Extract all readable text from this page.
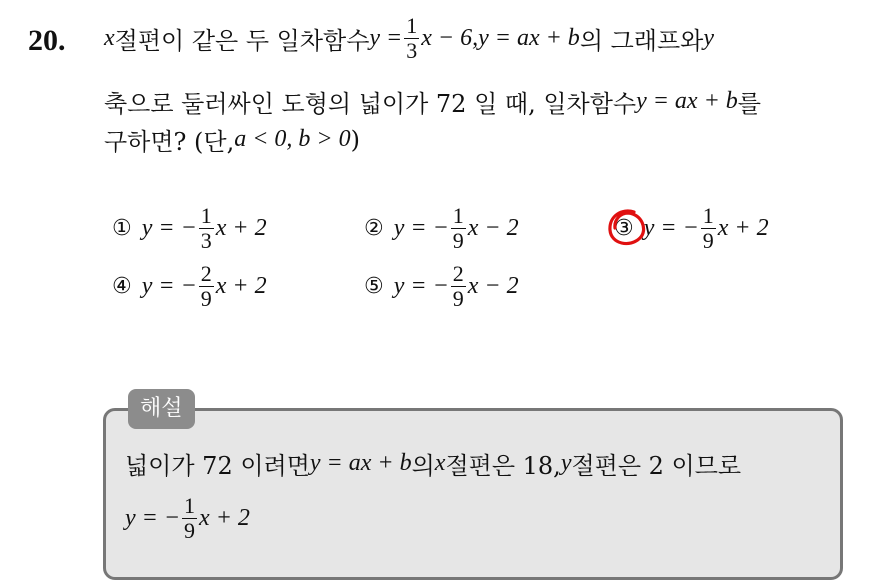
20. x 절편이 같은 두 일차함수 $y = \frac{1}{3}$ x − 6, y = ax + b 의 그래프와 y
축으로 둘러싸인 도형의 넓이가 72 일 때, 일차함수 y = ax + b 를
구하면? (단, a < 0, b > 0 )
① y = − $\frac{1}{3}$ x + 2	② y = − $\frac{1}{9}$ x − 2	③ y = − $\frac{1}{9}$ x + 2
④ y = − $\frac{2}{9}$ x + 2	⑤ y = − $\frac{2}{9}$ x − 2
해설
넓이가 72 이려면 y = ax + b 의 x 절편은 18, y 절편은 2 이므로
y = − $\frac{1}{9}$ x + 2
